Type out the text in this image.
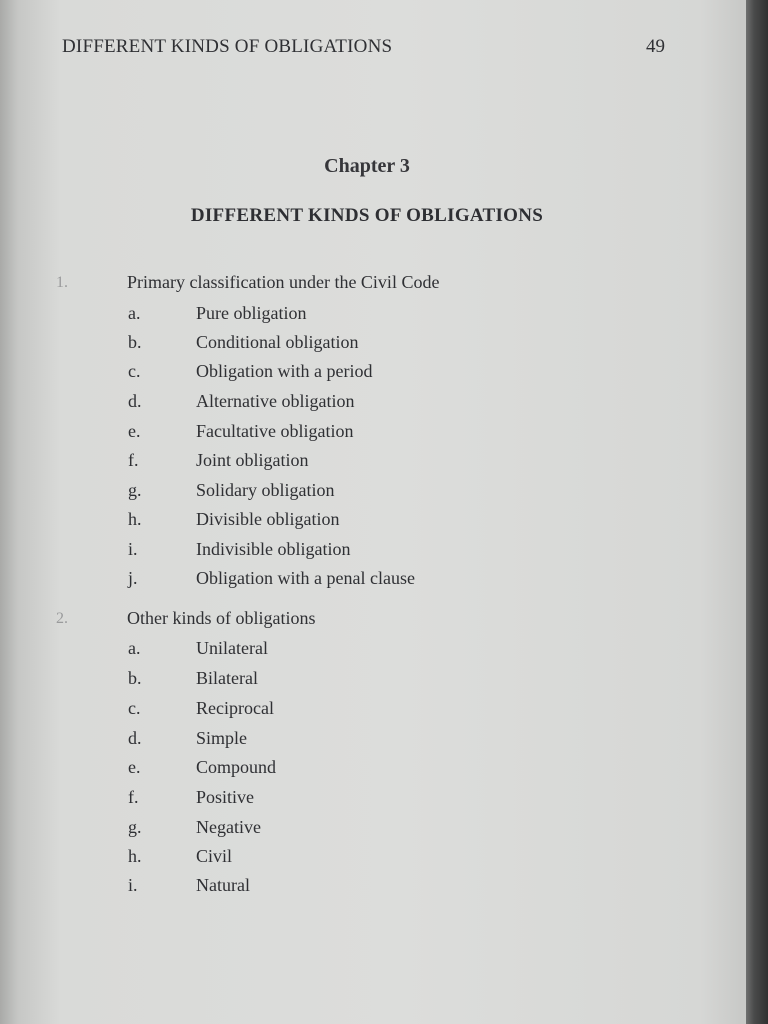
DIFFERENT KINDS OF OBLIGATIONS	49
Chapter 3
DIFFERENT KINDS OF OBLIGATIONS
1.	Primary classification under the Civil Code
a.	Pure obligation
b.	Conditional obligation
c.	Obligation with a period
d.	Alternative obligation
e.	Facultative obligation
f.	Joint obligation
g.	Solidary obligation
h.	Divisible obligation
i.	Indivisible obligation
j.	Obligation with a penal clause
2.	Other kinds of obligations
a.	Unilateral
b.	Bilateral
c.	Reciprocal
d.	Simple
e.	Compound
f.	Positive
g.	Negative
h.	Civil
i.	Natural
